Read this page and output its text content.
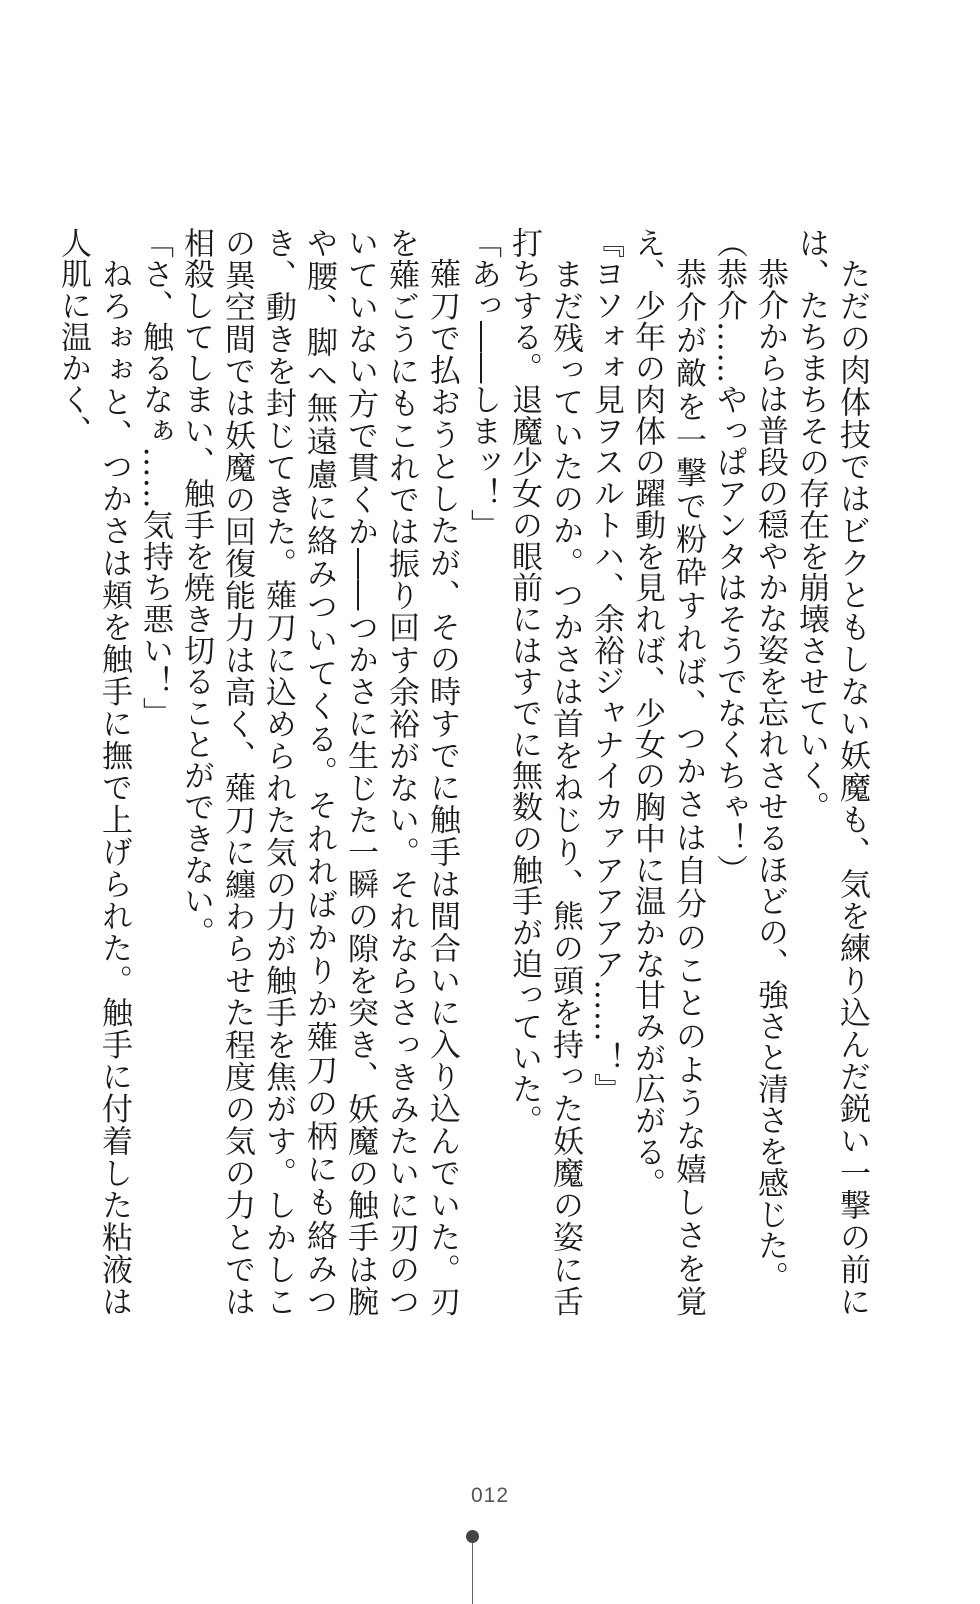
ただの肉体技ではビクともしない妖魔も、気を練り込んだ鋭い一撃の前には、たちまちその存在を崩壊させていく。

恭介からは普段の穏やかな姿を忘れさせるほどの、強さと清さを感じた。

（恭介……やっぱアンタはそうでなくちゃ！）

恭介が敵を一撃で粉砕すれば、つかさは自分のことのような嬉しさを覚え、少年の肉体の躍動を見れば、少女の胸中に温かな甘みが広がる。

『ヨソォォ見ヲスルトハ、余裕ジャナイカァアアアア……！』

まだ残っていたのか。つかさは首をねじり、熊の頭を持った妖魔の姿に舌打ちする。退魔少女の眼前にはすでに無数の触手が迫っていた。

「あっ――しまッ！」

薙刀で払おうとしたが、その時すでに触手は間合いに入り込んでいた。刃を薙ごうにもこれでは振り回す余裕がない。それならさっきみたいに刃のついていない方で貫くか――つかさに生じた一瞬の隙を突き、妖魔の触手は腕や腰、脚へ無遠慮に絡みついてくる。それればかりか薙刀の柄にも絡みつき、動きを封じてきた。薙刀に込められた気の力が触手を焦がす。しかしこの異空間では妖魔の回復能力は高く、薙刀に纏わらせた程度の気の力とでは相殺してしまい、触手を焼き切ることができない。

「さ、触るなぁ……気持ち悪い！」

ねろぉぉと、つかさは頬を触手に撫で上げられた。触手に付着した粘液は人肌に温かく、

012
